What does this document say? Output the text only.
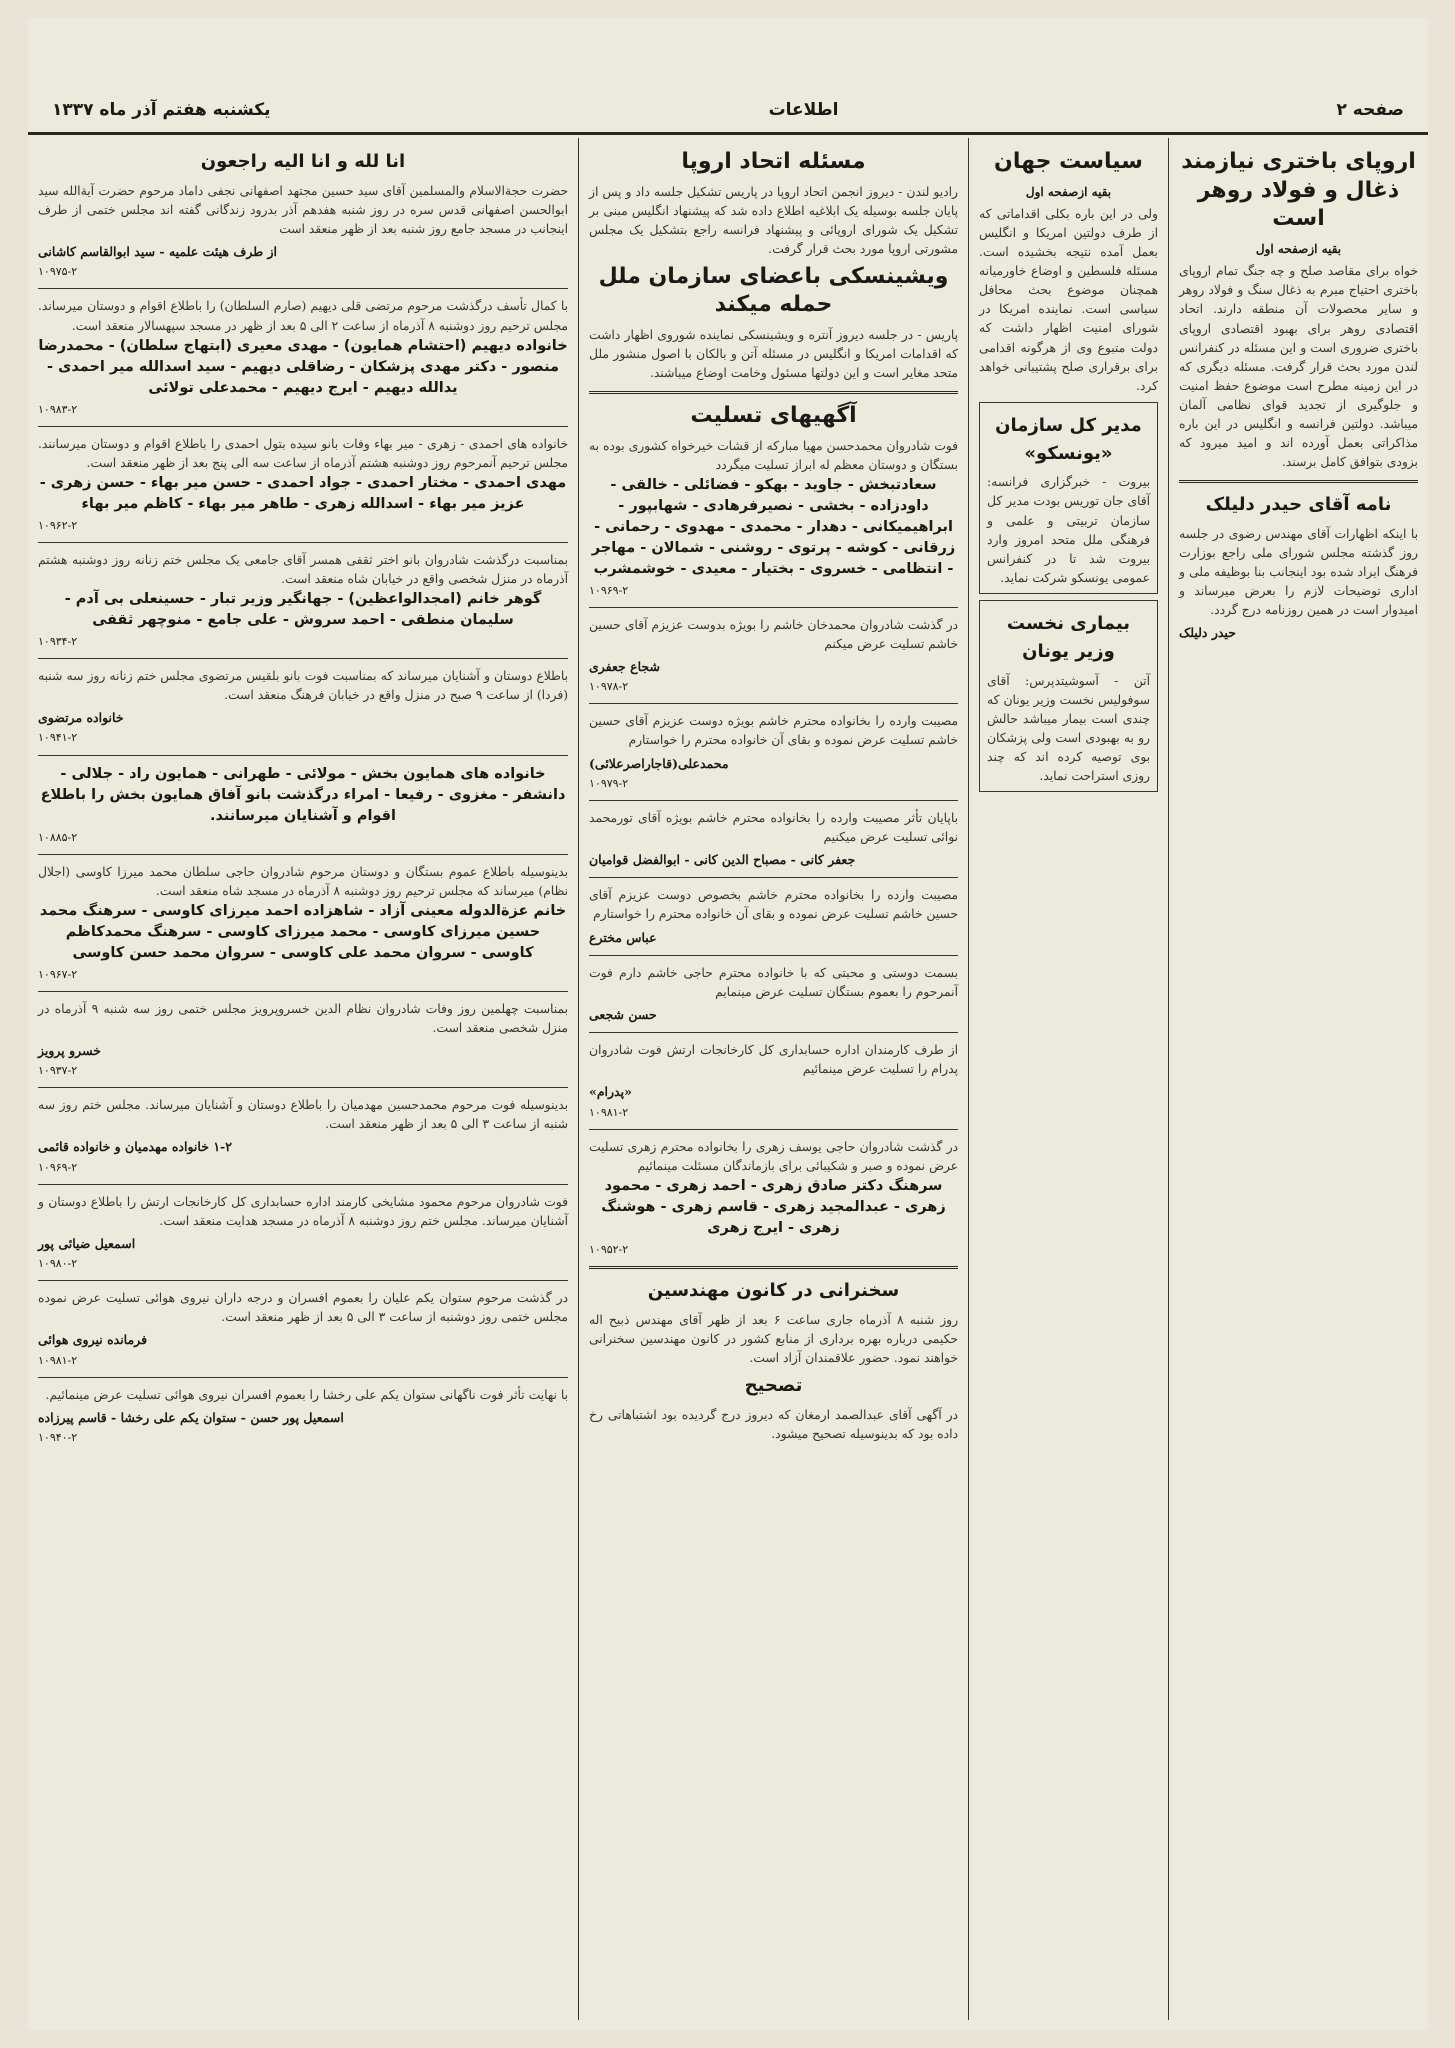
صفحه ۲
اطلاعات
یکشنبه هفتم آذر ماه ۱۳۳۷
اروپای باختری نیازمند ذغال و فولاد روهر است
بقیه ازصفحه اول
خواه برای مقاصد صلح و چه جنگ تمام اروپای باختری احتیاج مبرم به ذغال سنگ و فولاد روهر و سایر محصولات آن منطقه دارند. اتحاد اقتصادی روهر برای بهبود اقتصادی اروپای باختری ضروری است و این مسئله در کنفرانس لندن مورد بحث قرار گرفت. مسئله دیگری که در این زمینه مطرح است موضوع حفظ امنیت و جلوگیری از تجدید قوای نظامی آلمان میباشد. دولتین فرانسه و انگلیس در این باره مذاکراتی بعمل آورده اند و امید میرود که بزودی بتوافق کامل برسند.
نامه آقای حیدر دلیلک
با اینکه اظهارات آقای مهندس رضوی در جلسه روز گذشته مجلس شورای ملی راجع بوزارت فرهنگ ایراد شده بود اینجانب بنا بوظیفه ملی و اداری توضیحات لازم را بعرض میرساند و امیدوار است در همین روزنامه درج گردد.
حیدر دلیلک
سیاست جهان
بقیه ازصفحه اول
ولی در این باره بکلی اقداماتی که از طرف دولتین امریکا و انگلیس بعمل آمده نتیجه بخشیده است. مسئله فلسطین و اوضاع خاورمیانه همچنان موضوع بحث محافل سیاسی است. نماینده امریکا در شورای امنیت اظهار داشت که دولت متبوع وی از هرگونه اقدامی برای برقراری صلح پشتیبانی خواهد کرد.
مدیر کل سازمان «یونسکو»
بیروت - خبرگزاری فرانسه: آقای جان توریس بودت مدیر کل سازمان تربیتی و علمی و فرهنگی ملل متحد امروز وارد بیروت شد تا در کنفرانس عمومی یونسکو شرکت نماید.
بیماری نخست وزیر یونان
آتن - آسوشیتدپرس: آقای سوفولیس نخست وزیر یونان که چندی است بیمار میباشد حالش رو به بهبودی است ولی پزشکان بوی توصیه کرده اند که چند روزی استراحت نماید.
مسئله اتحاد اروپا
رادیو لندن - دیروز انجمن اتحاد اروپا در پاریس تشکیل جلسه داد و پس از پایان جلسه بوسیله یک ابلاغیه اطلاع داده شد که پیشنهاد انگلیس مبنی بر تشکیل یک شورای اروپائی و پیشنهاد فرانسه راجع بتشکیل یک مجلس مشورتی اروپا مورد بحث قرار گرفت.
ویشینسکی باعضای سازمان ملل حمله میکند
پاریس - در جلسه دیروز آنتره و ویشینسکی نماینده شوروی اظهار داشت که اقدامات امریکا و انگلیس در مسئله آتن و بالکان با اصول منشور ملل متحد مغایر است و این دولتها مسئول وخامت اوضاع میباشند.
آگهیهای تسلیت
فوت شادروان محمدحسن مهیا مبارکه از قشات خیرخواه کشوری بوده به بستگان و دوستان معظم له ابراز تسلیت میگردد
سعادتبخش - جاوید - بهکو - فضائلی - خالقی - داودزاده - بخشی - نصیرفرهادی - شهابپور - ابراهیمیکانی - دهدار - محمدی - مهدوی - رحمانی - زرقانی - کوشه - پرتوی - روشنی - شمالان - مهاجر - انتظامی - خسروی - بختیار - معیدی - خوشمشرب
۱۰۹۶۹-۲
در گذشت شادروان محمدخان خاشم را بویژه بدوست عزیزم آقای حسین خاشم تسلیت عرض میکنم
شجاع جعفری
۱۰۹۷۸-۲
مصیبت وارده را بخانواده محترم خاشم بویژه دوست عزیزم آقای حسین خاشم تسلیت عرض نموده و بقای آن خانواده محترم را خواستارم
محمدعلی(قاجاراصرعلائی)
۱۰۹۷۹-۲
باپایان تأثر مصیبت وارده را بخانواده محترم خاشم بویژه آقای تورمحمد نوائی تسلیت عرض میکنیم
جعفر کانی - مصباح الدین کانی - ابوالفضل قوامیان
مصیبت وارده را بخانواده محترم خاشم بخصوص دوست عزیزم آقای حسین خاشم تسلیت عرض نموده و بقای آن خانواده محترم را خواستارم
عباس مخترع
بسمت دوستی و محبتی که با خانواده محترم حاجی خاشم دارم فوت آنمرحوم را بعموم بستگان تسلیت عرض مینمایم
حسن شجعی
از طرف کارمندان اداره حسابداری کل کارخانجات ارتش فوت شادروان پدرام را تسلیت عرض مینمائیم
«پدرام»
۱۰۹۸۱-۲
در گذشت شادروان حاجی یوسف زهری را بخانواده محترم زهری تسلیت عرض نموده و صبر و شکیبائی برای بازماندگان مسئلت مینمائیم
سرهنگ دکتر صادق زهری - احمد زهری - محمود زهری - عبدالمجید زهری - قاسم زهری - هوشنگ زهری - ایرج زهری
۱۰۹۵۲-۲
سخنرانی در کانون مهندسین
روز شنبه ۸ آذرماه جاری ساعت ۶ بعد از ظهر آقای مهندس ذبیح اله حکیمی درباره بهره برداری از منابع کشور در کانون مهندسین سخنرانی خواهند نمود. حضور علاقمندان آزاد است.
تصحیح
در آگهی آقای عبدالصمد ارمغان که دیروز درج گردیده بود اشتباهاتی رخ داده بود که بدینوسیله تصحیح میشود.
انا لله و انا الیه راجعون
حضرت حجةالاسلام والمسلمین آقای سید حسین مجتهد اصفهانی نجفی داماد مرحوم حضرت آیةالله سید ابوالحسن اصفهانی قدس سره در روز شنبه هفدهم آذر بدرود زندگانی گفته اند مجلس ختمی از طرف اینجانب در مسجد جامع روز شنبه بعد از ظهر منعقد است
از طرف هیئت علمیه - سید ابوالقاسم کاشانی
۱۰۹۷۵-۲
با کمال تأسف درگذشت مرحوم مرتضی قلی دیهیم (صارم السلطان) را باطلاع اقوام و دوستان میرساند. مجلس ترحیم روز دوشنبه ۸ آذرماه از ساعت ۲ الی ۵ بعد از ظهر در مسجد سپهسالار منعقد است.
خانواده دیهیم (احتشام همایون) - مهدی معیری (ابتهاج سلطان) - محمدرضا منصور - دکتر مهدی پزشکان - رضاقلی دیهیم - سید اسدالله میر احمدی - یدالله دیهیم - ایرج دیهیم - محمدعلی تولائی
۱۰۹۸۳-۲
خانواده های احمدی - زهری - میر بهاء وفات بانو سیده بتول احمدی را باطلاع اقوام و دوستان میرسانند. مجلس ترحیم آنمرحوم روز دوشنبه هشتم آذرماه از ساعت سه الی پنج بعد از ظهر منعقد است.
مهدی احمدی - مختار احمدی - جواد احمدی - حسن میر بهاء - حسن زهری - عزیز میر بهاء - اسدالله زهری - طاهر میر بهاء - کاظم میر بهاء
۱۰۹۶۲-۲
بمناسبت درگذشت شادروان بانو اختر ثقفی همسر آقای جامعی یک مجلس ختم زنانه روز دوشنبه هشتم آذرماه در منزل شخصی واقع در خیابان شاه منعقد است.
گوهر خانم (امجدالواعظین) - جهانگیر وزیر تبار - حسینعلی بی آدم - سلیمان منطقی - احمد سروش - علی جامع - منوچهر ثقفی
۱۰۹۳۴-۲
باطلاع دوستان و آشنایان میرساند که بمناسبت فوت بانو بلقیس مرتضوی مجلس ختم زنانه روز سه شنبه (فردا) از ساعت ۹ صبح در منزل واقع در خیابان فرهنگ منعقد است.
خانواده مرتضوی
۱۰۹۴۱-۲
خانواده های همایون بخش - مولائی - طهرانی - همایون راد - جلالی - دانشفر - مغزوی - رفیعا - امراء درگذشت بانو آفاق همایون بخش را باطلاع اقوام و آشنایان میرسانند.
۱۰۸۸۵-۲
بدینوسیله باطلاع عموم بستگان و دوستان مرحوم شادروان حاجی سلطان محمد میرزا کاوسی (اجلال نظام) میرساند که مجلس ترحیم روز دوشنبه ۸ آذرماه در مسجد شاه منعقد است.
خانم عزةالدوله معینی آزاد - شاهزاده احمد میرزای کاوسی - سرهنگ محمد حسین میرزای کاوسی - محمد میرزای کاوسی - سرهنگ محمدکاظم کاوسی - سروان محمد علی کاوسی - سروان محمد حسن کاوسی
۱۰۹۶۷-۲
بمناسبت چهلمین روز وفات شادروان نظام الدین خسروپرویز مجلس ختمی روز سه شنبه ۹ آذرماه در منزل شخصی منعقد است.
خسرو پرویز
۱۰۹۳۷-۲
بدینوسیله فوت مرحوم محمدحسین مهدمیان را باطلاع دوستان و آشنایان میرساند. مجلس ختم روز سه شنبه از ساعت ۳ الی ۵ بعد از ظهر منعقد است.
۱-۲ خانواده مهدمیان و خانواده قائمی
۱۰۹۶۹-۲
فوت شادروان مرحوم محمود مشایخی کارمند اداره حسابداری کل کارخانجات ارتش را باطلاع دوستان و آشنایان میرساند. مجلس ختم روز دوشنبه ۸ آذرماه در مسجد هدایت منعقد است.
اسمعیل ضیائی پور
۱۰۹۸۰-۲
در گذشت مرحوم ستوان یکم علیان را بعموم افسران و درجه داران نیروی هوائی تسلیت عرض نموده مجلس ختمی روز دوشنبه از ساعت ۳ الی ۵ بعد از ظهر منعقد است.
فرمانده نیروی هوائی
۱۰۹۸۱-۲
با نهایت تأثر فوت ناگهانی ستوان یکم علی رخشا را بعموم افسران نیروی هوائی تسلیت عرض مینمائیم.
اسمعیل پور حسن - ستوان یکم علی رخشا - قاسم پیرزاده
۱۰۹۴۰-۲
